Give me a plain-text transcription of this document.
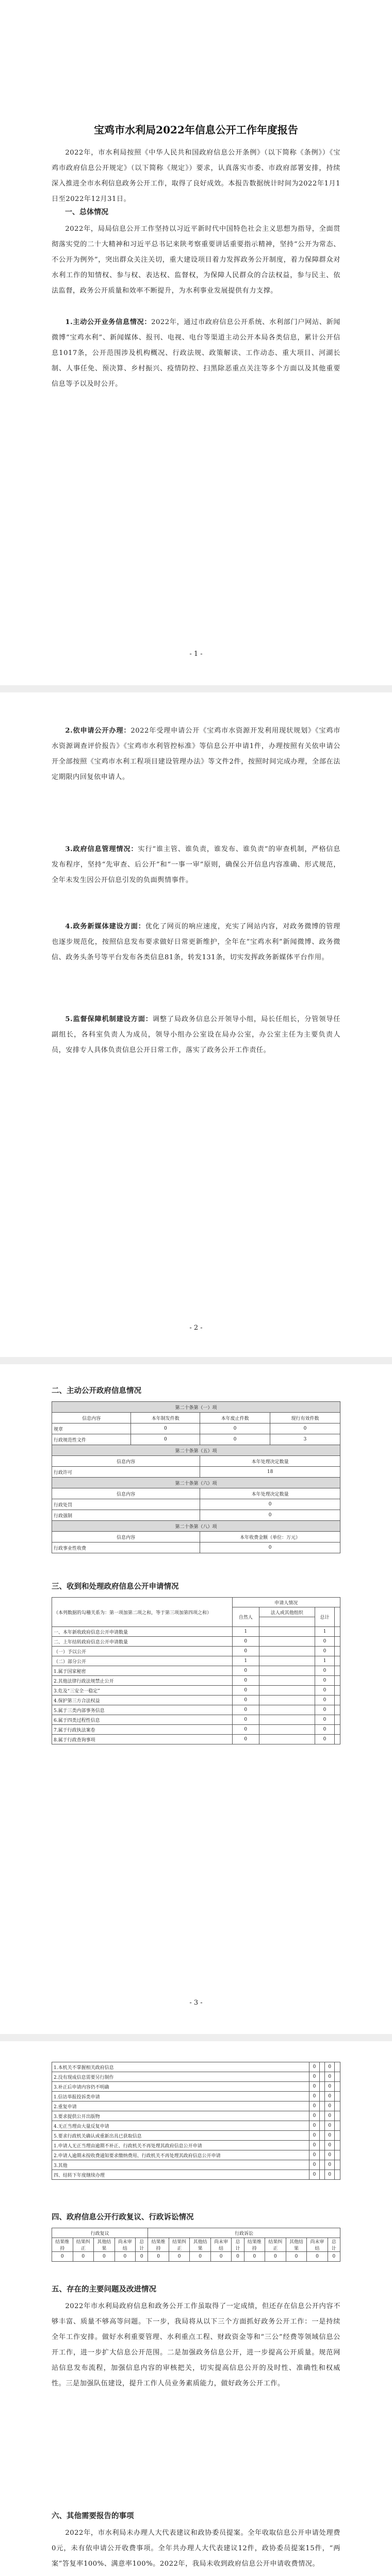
宝鸡市水利局2022年信息公开工作年度报告
2022年，市水利局按照《中华人民共和国政府信息公开条例》（以下简称《条例》）《宝鸡市政府信息公开规定》（以下简称《规定》）要求，认真落实市委、市政府部署安排，持续深入推进全市水利信息政务公开工作，取得了良好成效。本报告数据统计时间为2022年1月1日至2022年12月31日。
一、总体情况
2022年，局局信息公开工作坚持以习近平新时代中国特色社会主义思想为指导，全面贯彻落实党的二十大精神和习近平总书记来陕考察重要讲话重要指示精神，坚持“公开为常态、不公开为例外”，突出群众关注关切，重大建设项目着力发挥政务公开制度，着力保障群众对水利工作的知情权、参与权、表达权、监督权，为保障人民群众的合法权益，参与民主、依法监督，政务公开质量和效率不断提升，为水利事业发展提供有力支撑。
1.主动公开业务信息情况：2022年，通过市政府信息公开系统、水利部门户网站、新闻微博“宝鸡水利”、新闻媒体、报刊、电视、电台等渠道主动公开本局各类信息，累计公开信息1017条，公开范围涉及机构概况、行政法规、政策解读、工作动态、重大项目、河湖长制、人事任免、预决算、乡村振兴、疫情防控、扫黑除恶重点关注等多个方面以及其他重要信息等予以及时公开。
- 1 -
2.依申请公开办理：2022年受理申请公开《宝鸡市水资源开发利用现状规划》《宝鸡市水资源调查评价报告》《宝鸡市水利管控标准》等信息公开申请1件，办理按照有关依申请公开全部按照《宝鸡市水利工程项目建设管理办法》等文件2件，按照时间完成办理，全部在法定期限内回复依申请人。
3.政府信息管理情况：实行“谁主管、谁负责，谁发布、谁负责”的审查机制，严格信息发布程序，坚持“先审查、后公开”和“一事一审”原则，确保公开信息内容准确、形式规范，全年未发生因公开信息引发的负面舆情事件。
4.政务新媒体建设方面：优化了网页的响应速度，充实了网站内容，对政务微博的管理也逐步规范化，按照信息发布要求做好日常更新维护，全年在“宝鸡水利”新闻微博、政务微信、政务头条号等平台发布各类信息81条，转发131条，切实发挥政务新媒体平台作用。
5.监督保障机制建设方面：调整了局政务信息公开领导小组，局长任组长，分管领导任副组长，各科室负责人为成员，领导小组办公室设在局办公室，办公室主任为主要负责人员，安排专人具体负责信息公开日常工作，落实了政务公开工作责任。
- 2 -
二、主动公开政府信息情况
第二十条第（一）项			
信息内容	本年制发件数	本年废止件数	现行有效件数
规章	0	0	0
行政规范性文件	0	0	3
第二十条第（五）项			
信息内容		本年处理决定数量	
行政许可		18	
第二十条第（六）项			
信息内容		本年处理决定数量	
行政处罚		0	
行政强制		0	
第二十条第（八）项			
信息内容		本年收费金额（单位：万元）	
行政事业性收费		0	
三、收到和处理政府信息公开申请情况
（本列数据的勾稽关系为：第一项加第二项之和，等于第三项加第四项之和）	申请人情况			
	自然人	法人或其他组织	总计	

一、本年新收政府信息公开申请数量	1		1	
二、上年结转政府信息公开申请数量	0		0	
（一）予以公开	0		0	
（二）部分公开	1		1	
1.属于国家秘密	0		0	
2.其他法律行政法规禁止公开	0		0	
3.危及“三安全一稳定”	0		0	
4.保护第三方合法权益	0		0	
5.属于三类内部事务信息	0		0	
6.属于四类过程性信息	0		0	
7.属于行政执法案卷	0		0	
8.属于行政查询事项	0		0	
- 3 -
1.本机关不掌握相关政府信息	0		0	
2.没有现成信息需要另行制作	0		0	
3.补正后申请内容仍不明确	0		0	
1.信访举报投诉类申请	0		0	
2.重复申请	0		0	
3.要求提供公开出版物	0		0	
4.无正当理由大量反复申请	0		0	
5.要求行政机关确认或重新出具已获取信息	0		0	
1.申请人无正当理由逾期不补正、行政机关不再处理其政府信息公开申请	0		0	
2.申请人逾期未按收费通知要求缴纳费用、行政机关不再处理其政府信息公开申请	0		0	
3.其他	0		0	
四、结转下年度继续办理	0		0	
四、政府信息公开行政复议、行政诉讼情况
行政复议					行政诉讼									
结果维持	结果纠正	其他结果	尚未审结	总计	结果维持	结果纠正	其他结果	尚未审结	总计	结果维持	结果纠正	其他结果	尚未审结	总计
0	0	0	0	0	0	0	0	0	0	0	0	0	0	0
五、存在的主要问题及改进情况
2022年市水利局政府信息和政务公开工作虽取得了一定成绩，但还存在信息公开内容不够丰富、质量不够高等问题。下一步，我局将从以下三个方面抓好政务公开工作：一是持续全年工作安排。做好水利重要管理、水利重点工程、财政资金等和“三公”经费等领域信息公开工作，进一步扩大信息公开范围。二是加强政务信息公开，进一步提高公开质量。规范网站信息发布流程，加强信息内容的审核把关，切实提高信息公开的及时性、准确性和权威性。三是加强队伍建设，提升工作人员业务素质能力，做好政务公开工作。
六、其他需要报告的事项
2022年，市水利局未办理人大代表建议和政协委员提案。全年收取信息公开申请处理费0元，未有依申请公开收费事项。全年共办理人大代表建议12件，政协委员提案15件，“两案”答复率100%、满意率100%。2022年，我局未收到政府信息公开申请收费情况。
